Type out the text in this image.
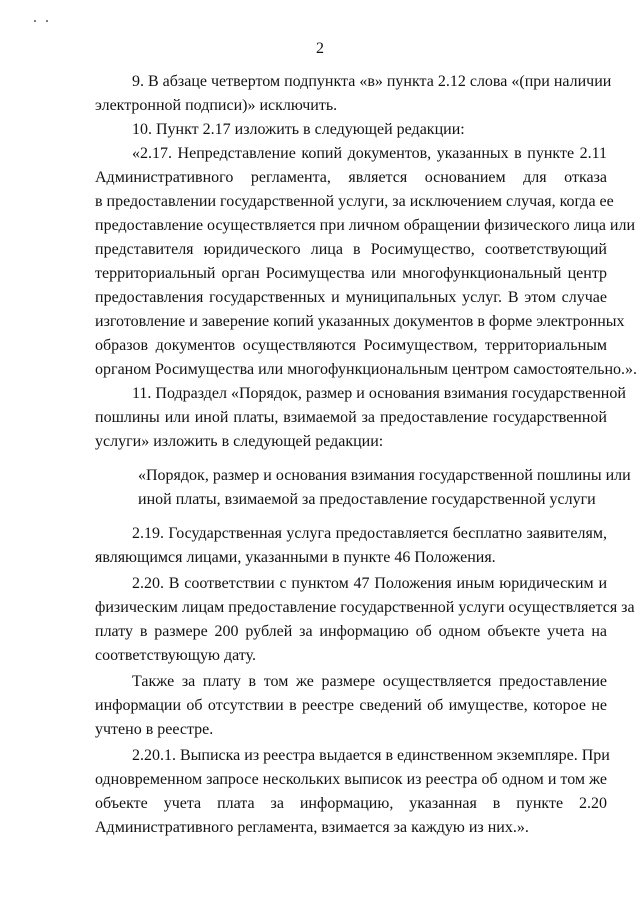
2
9. В абзаце четвертом подпункта «в» пункта 2.12 слова «(при наличии
электронной подписи)» исключить.
10. Пункт 2.17 изложить в следующей редакции:
«2.17. Непредставление копий документов, указанных в пункте 2.11
Административного регламента, является основанием для отказа
в предоставлении государственной услуги, за исключением случая, когда ее
предоставление осуществляется при личном обращении физического лица или
представителя юридического лица в Росимущество, соответствующий
территориальный орган Росимущества или многофункциональный центр
предоставления государственных и муниципальных услуг. В этом случае
изготовление и заверение копий указанных документов в форме электронных
образов документов осуществляются Росимуществом, территориальным
органом Росимущества или многофункциональным центром самостоятельно.».
11. Подраздел «Порядок, размер и основания взимания государственной
пошлины или иной платы, взимаемой за предоставление государственной
услуги» изложить в следующей редакции:
«Порядок, размер и основания взимания государственной пошлины или
иной платы, взимаемой за предоставление государственной услуги
2.19. Государственная услуга предоставляется бесплатно заявителям,
являющимся лицами, указанными в пункте 46 Положения.
2.20. В соответствии с пунктом 47 Положения иным юридическим и
физическим лицам предоставление государственной услуги осуществляется за
плату в размере 200 рублей за информацию об одном объекте учета на
соответствующую дату.
Также за плату в том же размере осуществляется предоставление
информации об отсутствии в реестре сведений об имуществе, которое не
учтено в реестре.
2.20.1. Выписка из реестра выдается в единственном экземпляре. При
одновременном запросе нескольких выписок из реестра об одном и том же
объекте учета плата за информацию, указанная в пункте 2.20
Административного регламента, взимается за каждую из них.».
